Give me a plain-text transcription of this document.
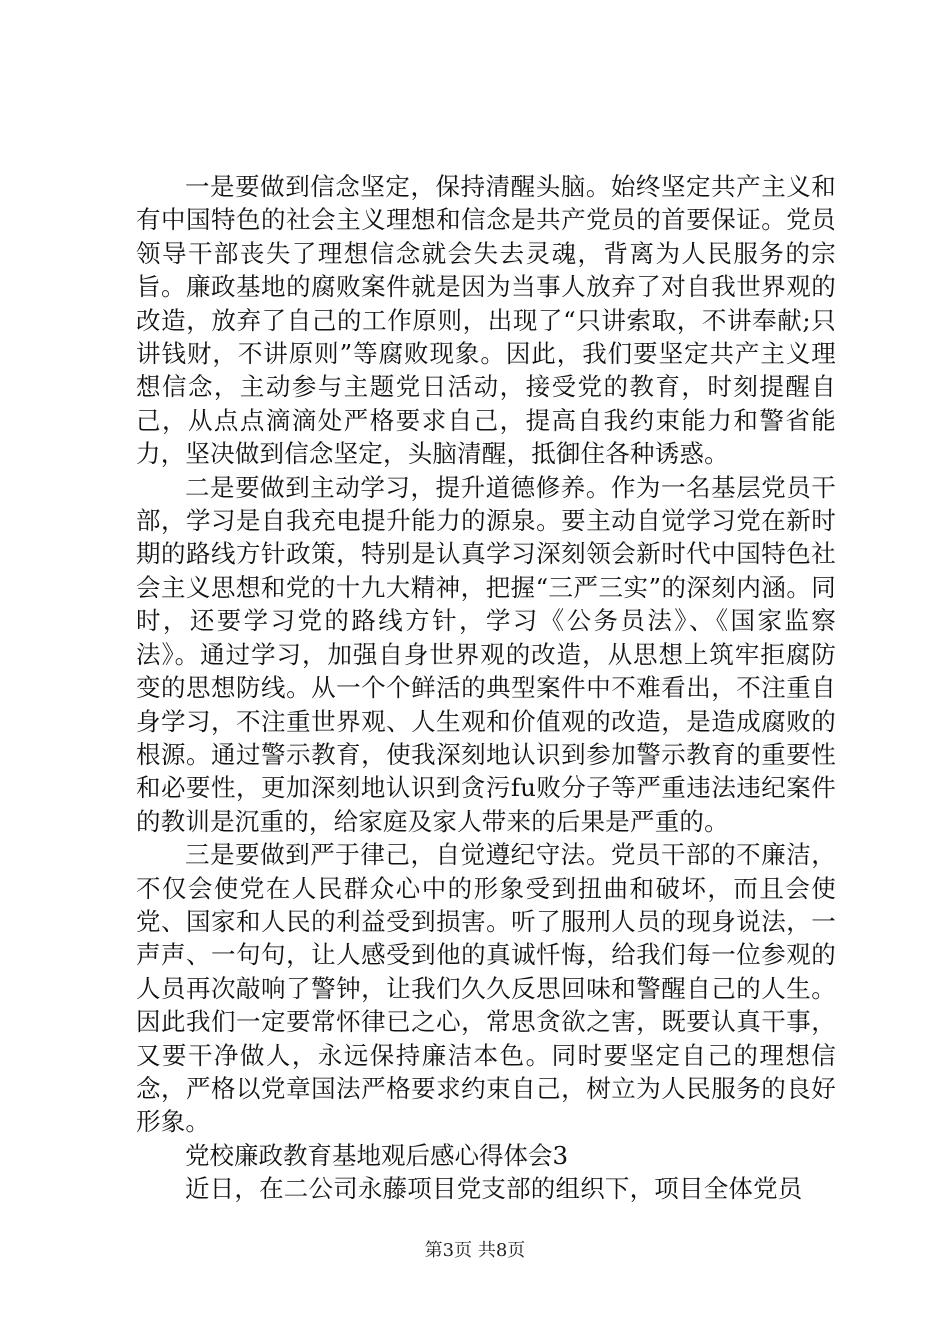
一是要做到信念坚定，保持清醒头脑。始终坚定共产主义和有中国特色的社会主义理想和信念是共产党员的首要保证。党员领导干部丧失了理想信念就会失去灵魂，背离为人民服务的宗旨。廉政基地的腐败案件就是因为当事人放弃了对自我世界观的改造，放弃了自己的工作原则，出现了“只讲索取，不讲奉献;只讲钱财，不讲原则”等腐败现象。因此，我们要坚定共产主义理想信念，主动参与主题党日活动，接受党的教育，时刻提醒自己，从点点滴滴处严格要求自己，提高自我约束能力和警省能力，坚决做到信念坚定，头脑清醒，抵御住各种诱惑。

二是要做到主动学习，提升道德修养。作为一名基层党员干部，学习是自我充电提升能力的源泉。要主动自觉学习党在新时期的路线方针政策，特别是认真学习深刻领会新时代中国特色社会主义思想和党的十九大精神，把握“三严三实”的深刻内涵。同时，还要学习党的路线方针，学习《公务员法》、《国家监察法》。通过学习，加强自身世界观的改造，从思想上筑牢拒腐防变的思想防线。从一个个鲜活的典型案件中不难看出，不注重自身学习，不注重世界观、人生观和价值观的改造，是造成腐败的根源。通过警示教育，使我深刻地认识到参加警示教育的重要性和必要性，更加深刻地认识到贪污fu败分子等严重违法违纪案件的教训是沉重的，给家庭及家人带来的后果是严重的。

三是要做到严于律己，自觉遵纪守法。党员干部的不廉洁，不仅会使党在人民群众心中的形象受到扭曲和破坏，而且会使党、国家和人民的利益受到损害。听了服刑人员的现身说法，一声声、一句句，让人感受到他的真诚忏悔，给我们每一位参观的人员再次敲响了警钟，让我们久久反思回味和警醒自己的人生。因此我们一定要常怀律已之心，常思贪欲之害，既要认真干事，又要干净做人，永远保持廉洁本色。同时要坚定自己的理想信念，严格以党章国法严格要求约束自己，树立为人民服务的良好形象。

党校廉政教育基地观后感心得体会3

近日，在二公司永藤项目党支部的组织下，项目全体党员

第3页 共8页
